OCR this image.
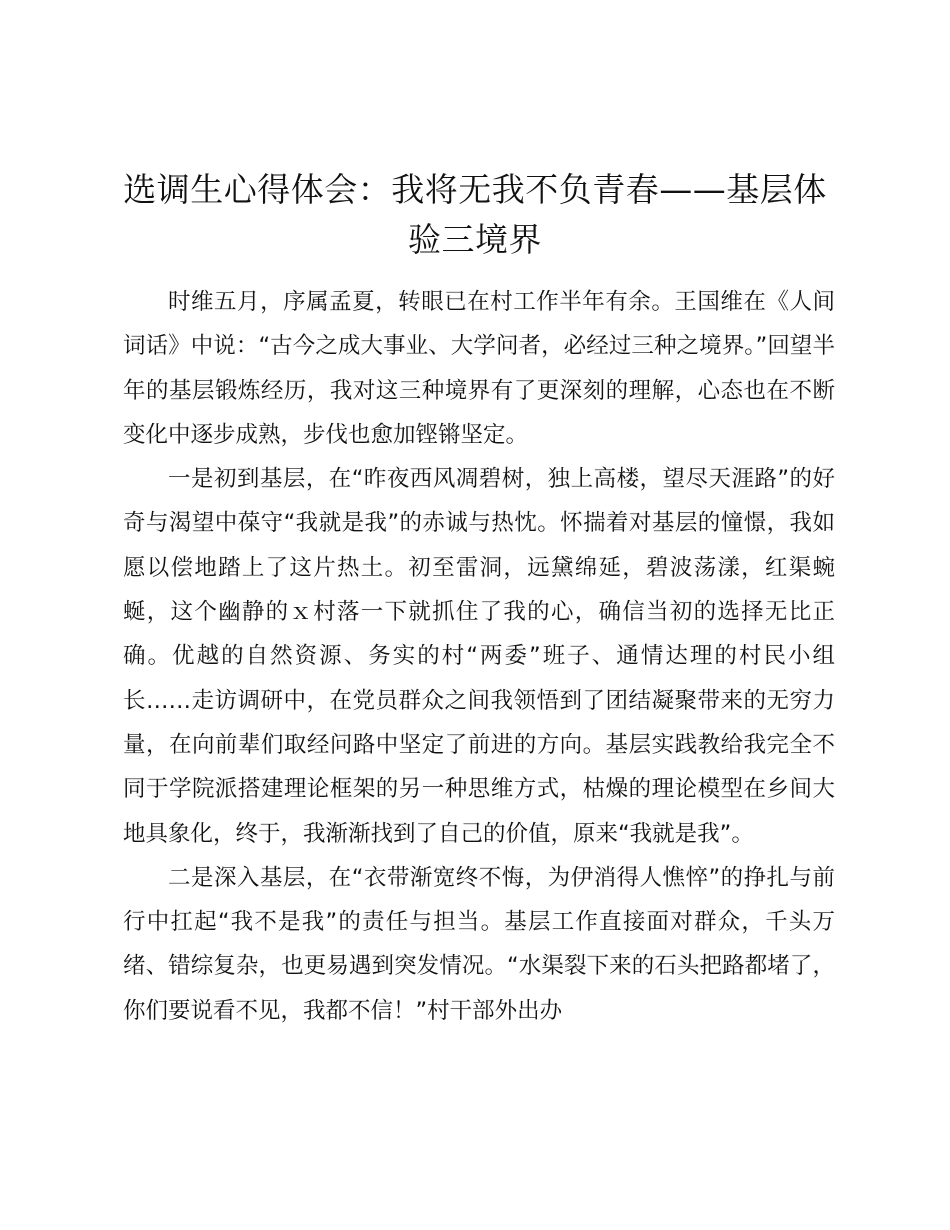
选调生心得体会：我将无我不负青春——基层体验三境界

时维五月，序属孟夏，转眼已在村工作半年有余。王国维在《人间词话》中说：“古今之成大事业、大学问者，必经过三种之境界。”回望半年的基层锻炼经历，我对这三种境界有了更深刻的理解，心态也在不断变化中逐步成熟，步伐也愈加铿锵坚定。

一是初到基层，在“昨夜西风凋碧树，独上高楼，望尽天涯路”的好奇与渴望中葆守“我就是我”的赤诚与热忱。怀揣着对基层的憧憬，我如愿以偿地踏上了这片热土。初至雷洞，远黛绵延，碧波荡漾，红渠蜿蜒，这个幽静的ｘ村落一下就抓住了我的心，确信当初的选择无比正确。优越的自然资源、务实的村“两委”班子、通情达理的村民小组长……走访调研中，在党员群众之间我领悟到了团结凝聚带来的无穷力量，在向前辈们取经问路中坚定了前进的方向。基层实践教给我完全不同于学院派搭建理论框架的另一种思维方式，枯燥的理论模型在乡间大地具象化，终于，我渐渐找到了自己的价值，原来“我就是我”。

二是深入基层，在“衣带渐宽终不悔，为伊消得人憔悴”的挣扎与前行中扛起“我不是我”的责任与担当。基层工作直接面对群众，千头万绪、错综复杂，也更易遇到突发情况。“水渠裂下来的石头把路都堵了，你们要说看不见，我都不信！”村干部外出办
